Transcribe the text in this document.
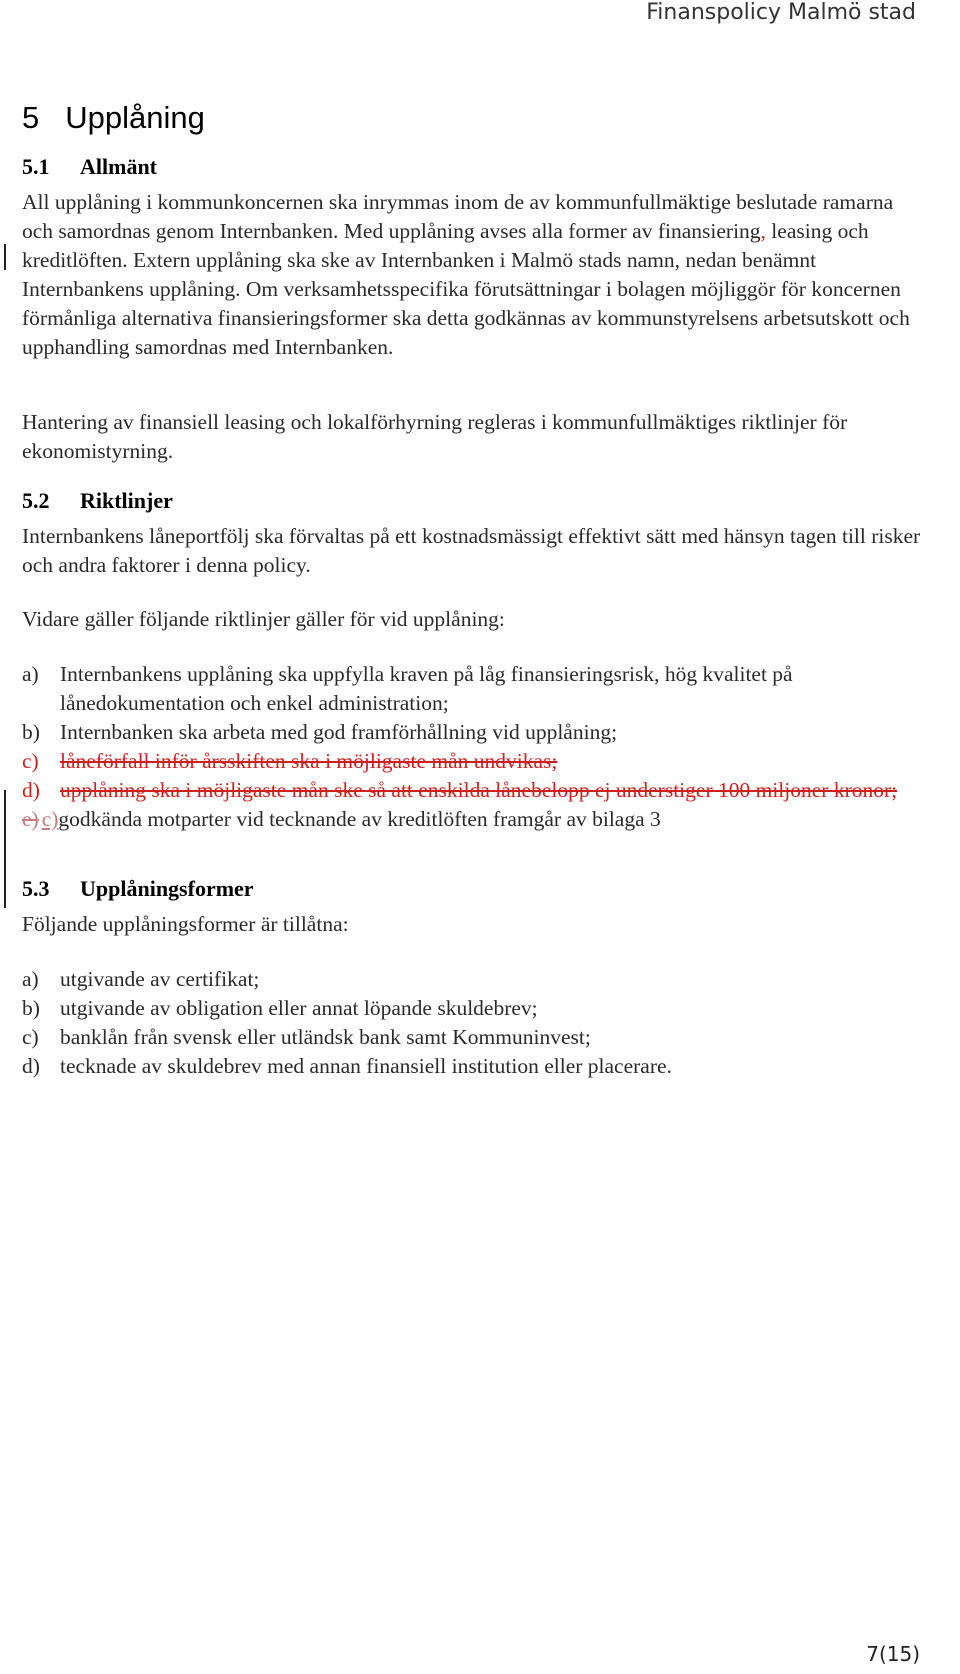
Finanspolicy Malmö stad
5 Upplåning
5.1 Allmänt

All upplåning i kommunkoncernen ska inrymmas inom de av kommunfullmäktige beslutade ramarna och samordnas genom Internbanken. Med upplåning avses alla former av finansiering, leasing och kreditlöften. Extern upplåning ska ske av Internbanken i Malmö stads namn, nedan benämnt Internbankens upplåning. Om verksamhetsspecifika förutsättningar i bolagen möjliggör för koncernen förmånliga alternativa finansieringsformer ska detta godkännas av kommunstyrelsens arbetsutskott och upphandling samordnas med Internbanken.

Hantering av finansiell leasing och lokalförhyrning regleras i kommunfullmäktiges riktlinjer för ekonomistyrning.

5.2 Riktlinjer

Internbankens låneportfölj ska förvaltas på ett kostnadsmässigt effektivt sätt med hänsyn tagen till risker och andra faktorer i denna policy.

Vidare gäller följande riktlinjer gäller för vid upplåning:

a) Internbankens upplåning ska uppfylla kraven på låg finansieringsrisk, hög kvalitet på lånedokumentation och enkel administration;
b) Internbanken ska arbeta med god framförhållning vid upplåning;
c) låneförfall inför årsskiften ska i möjligaste mån undvikas;
d) upplåning ska i möjligaste mån ske så att enskilda lånebelopp ej understiger 100 miljoner kronor;
e) c)godkända motparter vid tecknande av kreditlöften framgår av bilaga 3
5.3 Upplåningsformer

Följande upplåningsformer är tillåtna:

a) utgivande av certifikat;
b) utgivande av obligation eller annat löpande skuldebrev;
c) banklån från svensk eller utländsk bank samt Kommuninvest;
d) tecknade av skuldebrev med annan finansiell institution eller placerare.
7(15)
